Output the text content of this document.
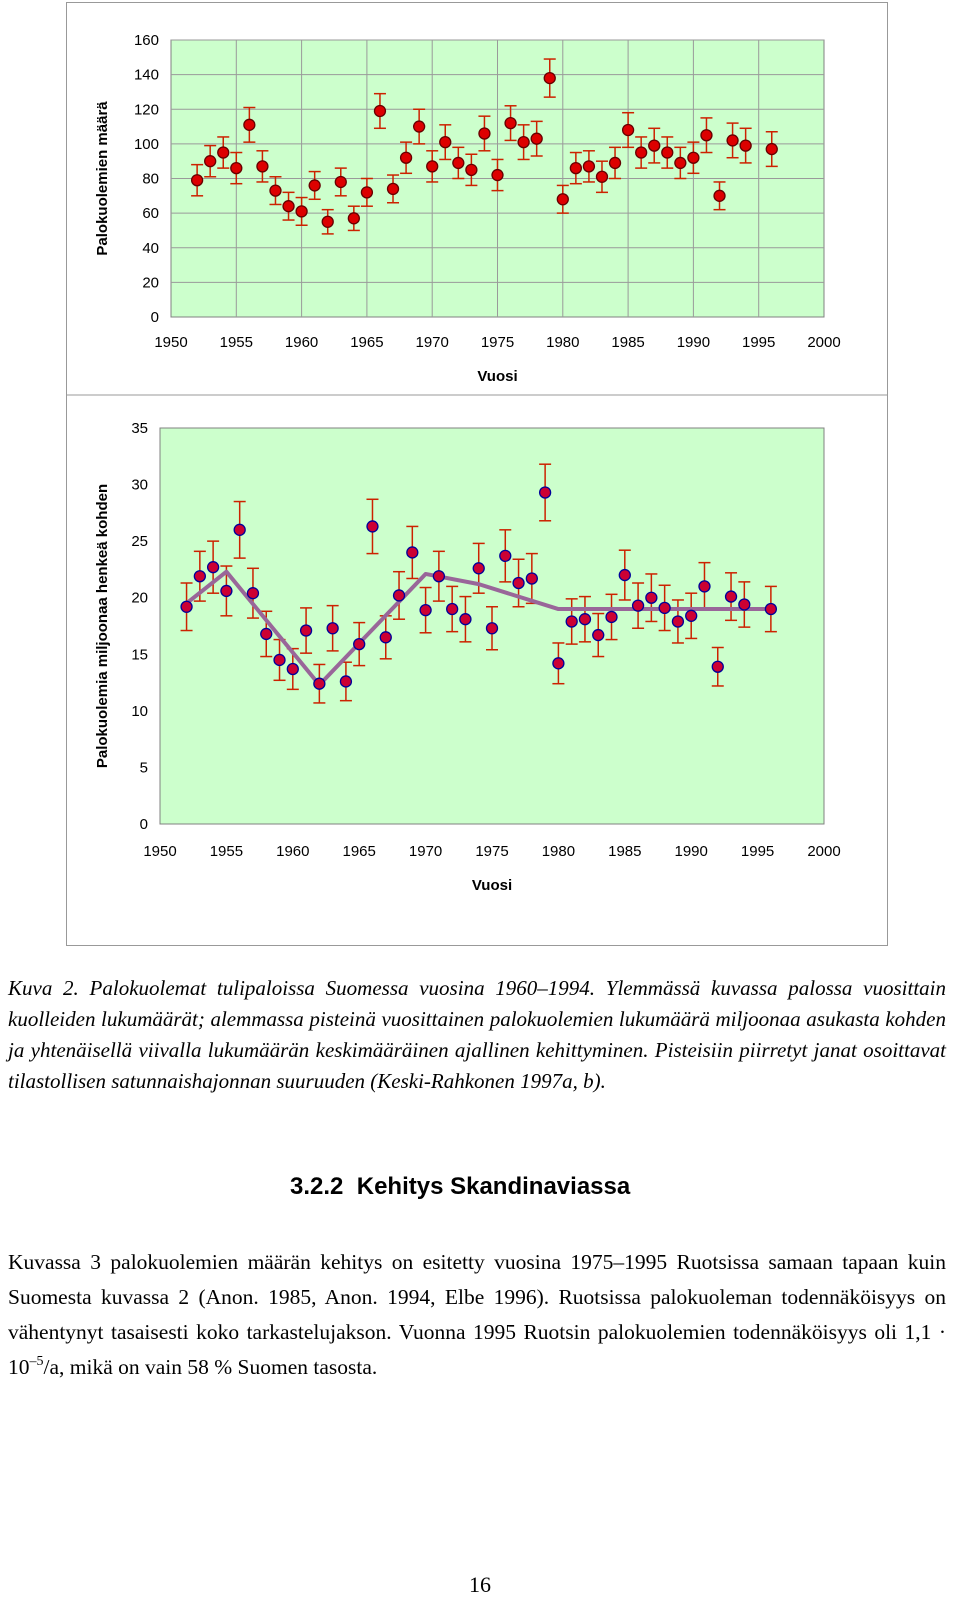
0
20
40
60
80
100
120
140
160
1950 1955 1960 1965 1970 1975 1980 1985 1990 1995 2000
Vuosi
Palokuolemien määrä
0
5
10
15
20
25
30
35
1950 1955 1960 1965 1970 1975 1980 1985 1990 1995 2000
Vuosi
Palokuolemia miljoonaa henkeä kohden

Kuva 2. Palokuolemat tulipaloissa Suomessa vuosina 1960–1994. Ylemmässä kuvassa palossa vuosittain kuolleiden lukumäärät; alemmassa pisteinä vuosittainen palokuolemien lukumäärä miljoonaa asukasta kohden ja yhtenäisellä viivalla lukumäärän keskimääräinen ajallinen kehittyminen. Pisteisiin piirretyt janat osoittavat tilastollisen satunnaishajonnan suuruuden (Keski-Rahkonen 1997a, b).

3.2.2 Kehitys Skandinaviassa

Kuvassa 3 palokuolemien määrän kehitys on esitetty vuosina 1975–1995 Ruotsissa samaan tapaan kuin Suomesta kuvassa 2 (Anon. 1985, Anon. 1994, Elbe 1996). Ruotsissa palokuoleman todennäköisyys on vähentynyt tasaisesti koko tarkastelujakson. Vuonna 1995 Ruotsin palokuolemien todennäköisyys oli $1,1 \cdot 10^{-5}/a$, mikä on vain 58 % Suomen tasosta.

16
